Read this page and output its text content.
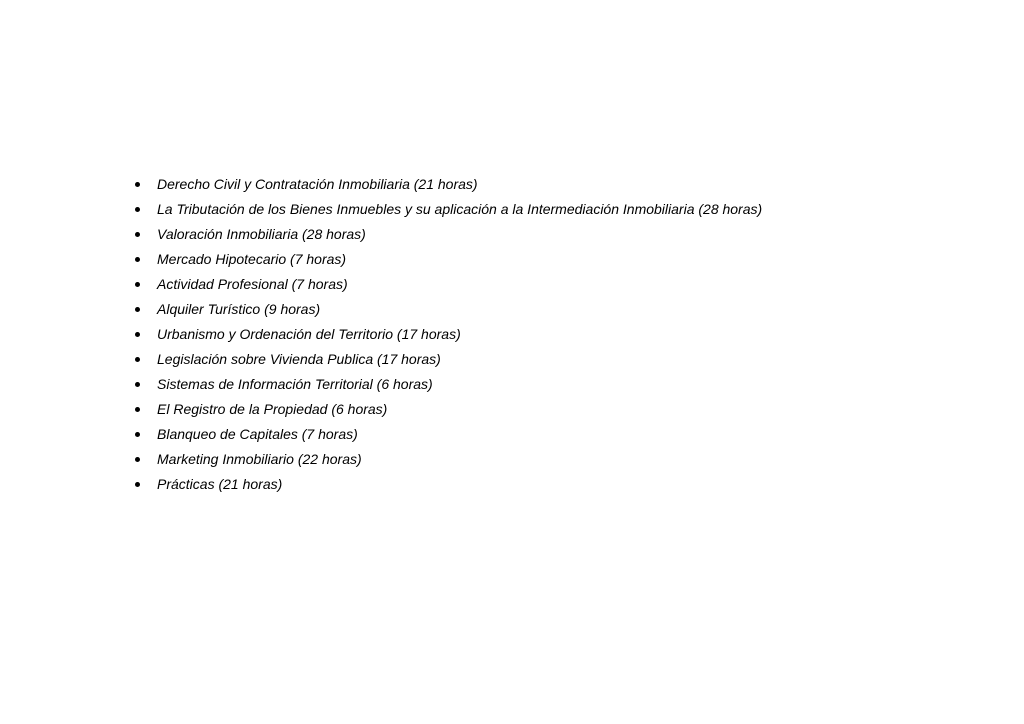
Derecho Civil y Contratación Inmobiliaria (21 horas)
La Tributación de los Bienes Inmuebles y su aplicación a la Intermediación Inmobiliaria (28 horas)
Valoración Inmobiliaria (28 horas)
Mercado Hipotecario (7 horas)
Actividad Profesional (7 horas)
Alquiler Turístico (9 horas)
Urbanismo y Ordenación del Territorio (17 horas)
Legislación sobre Vivienda Publica (17 horas)
Sistemas de Información Territorial (6 horas)
El Registro de la Propiedad (6 horas)
Blanqueo de Capitales (7 horas)
Marketing Inmobiliario (22 horas)
Prácticas (21 horas)
